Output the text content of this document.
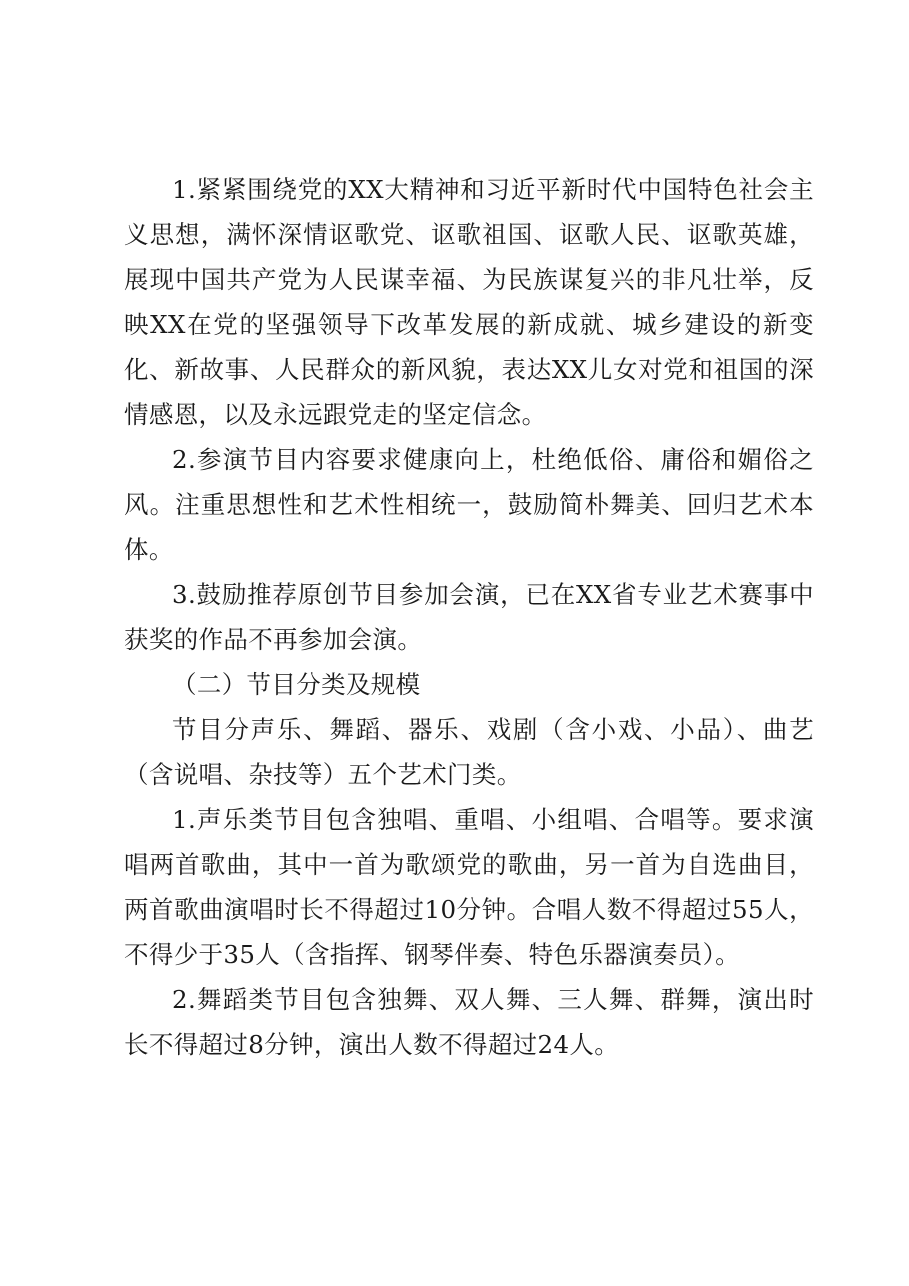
1.紧紧围绕党的XX大精神和习近平新时代中国特色社会主义思想，满怀深情讴歌党、讴歌祖国、讴歌人民、讴歌英雄，展现中国共产党为人民谋幸福、为民族谋复兴的非凡壮举，反映XX在党的坚强领导下改革发展的新成就、城乡建设的新变化、新故事、人民群众的新风貌，表达XX儿女对党和祖国的深情感恩，以及永远跟党走的坚定信念。

2.参演节目内容要求健康向上，杜绝低俗、庸俗和媚俗之风。注重思想性和艺术性相统一，鼓励简朴舞美、回归艺术本体。

3.鼓励推荐原创节目参加会演，已在XX省专业艺术赛事中获奖的作品不再参加会演。

（二）节目分类及规模

节目分声乐、舞蹈、器乐、戏剧（含小戏、小品）、曲艺（含说唱、杂技等）五个艺术门类。

1.声乐类节目包含独唱、重唱、小组唱、合唱等。要求演唱两首歌曲，其中一首为歌颂党的歌曲，另一首为自选曲目，两首歌曲演唱时长不得超过10分钟。合唱人数不得超过55人，不得少于35人（含指挥、钢琴伴奏、特色乐器演奏员）。

2.舞蹈类节目包含独舞、双人舞、三人舞、群舞，演出时长不得超过8分钟，演出人数不得超过24人。
